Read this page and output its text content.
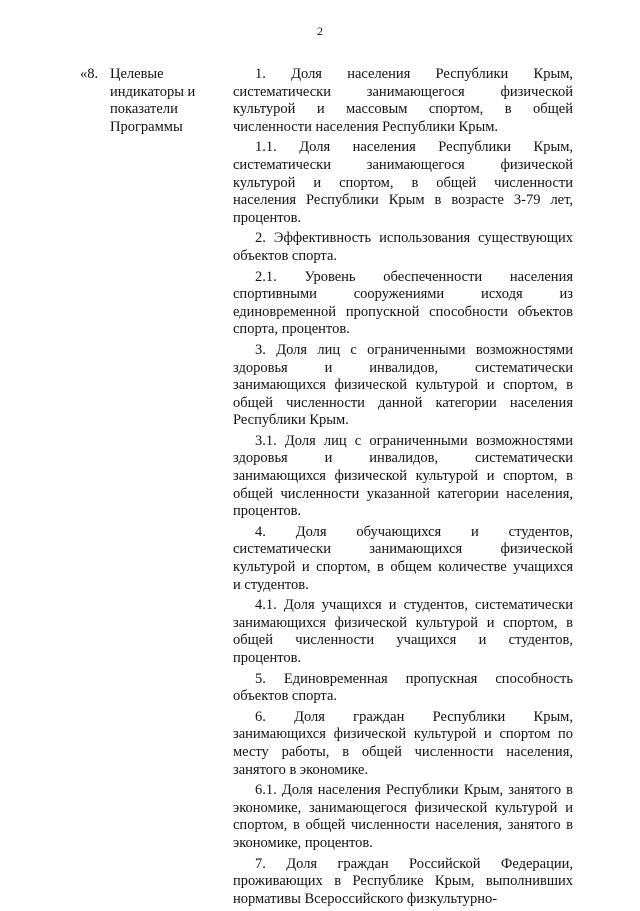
2
«8. Целевые
индикаторы и
показатели
Программы
1. Доля населения Республики Крым,
систематически занимающегося физической
культурой и массовым спортом, в общей
численности населения Республики Крым.
1.1. Доля населения Республики Крым,
систематически занимающегося физической
культурой и спортом, в общей численности
населения Республики Крым в возрасте 3-79 лет,
процентов.
2. Эффективность использования существующих
объектов спорта.
2.1. Уровень обеспеченности населения
спортивными сооружениями исходя из
единовременной пропускной способности объектов
спорта, процентов.
3. Доля лиц с ограниченными возможностями
здоровья и инвалидов, систематически
занимающихся физической культурой и спортом, в
общей численности данной категории населения
Республики Крым.
3.1. Доля лиц с ограниченными возможностями
здоровья и инвалидов, систематически
занимающихся физической культурой и спортом, в
общей численности указанной категории населения,
процентов.
4. Доля обучающихся и студентов,
систематически занимающихся физической
культурой и спортом, в общем количестве учащихся
и студентов.
4.1. Доля учащихся и студентов, систематически
занимающихся физической культурой и спортом, в
общей численности учащихся и студентов,
процентов.
5. Единовременная пропускная способность
объектов спорта.
6. Доля граждан Республики Крым,
занимающихся физической культурой и спортом по
месту работы, в общей численности населения,
занятого в экономике.
6.1. Доля населения Республики Крым, занятого в
экономике, занимающегося физической культурой и
спортом, в общей численности населения, занятого в
экономике, процентов.
7. Доля граждан Российской Федерации,
проживающих в Республике Крым, выполнивших
нормативы Всероссийского физкультурно-
